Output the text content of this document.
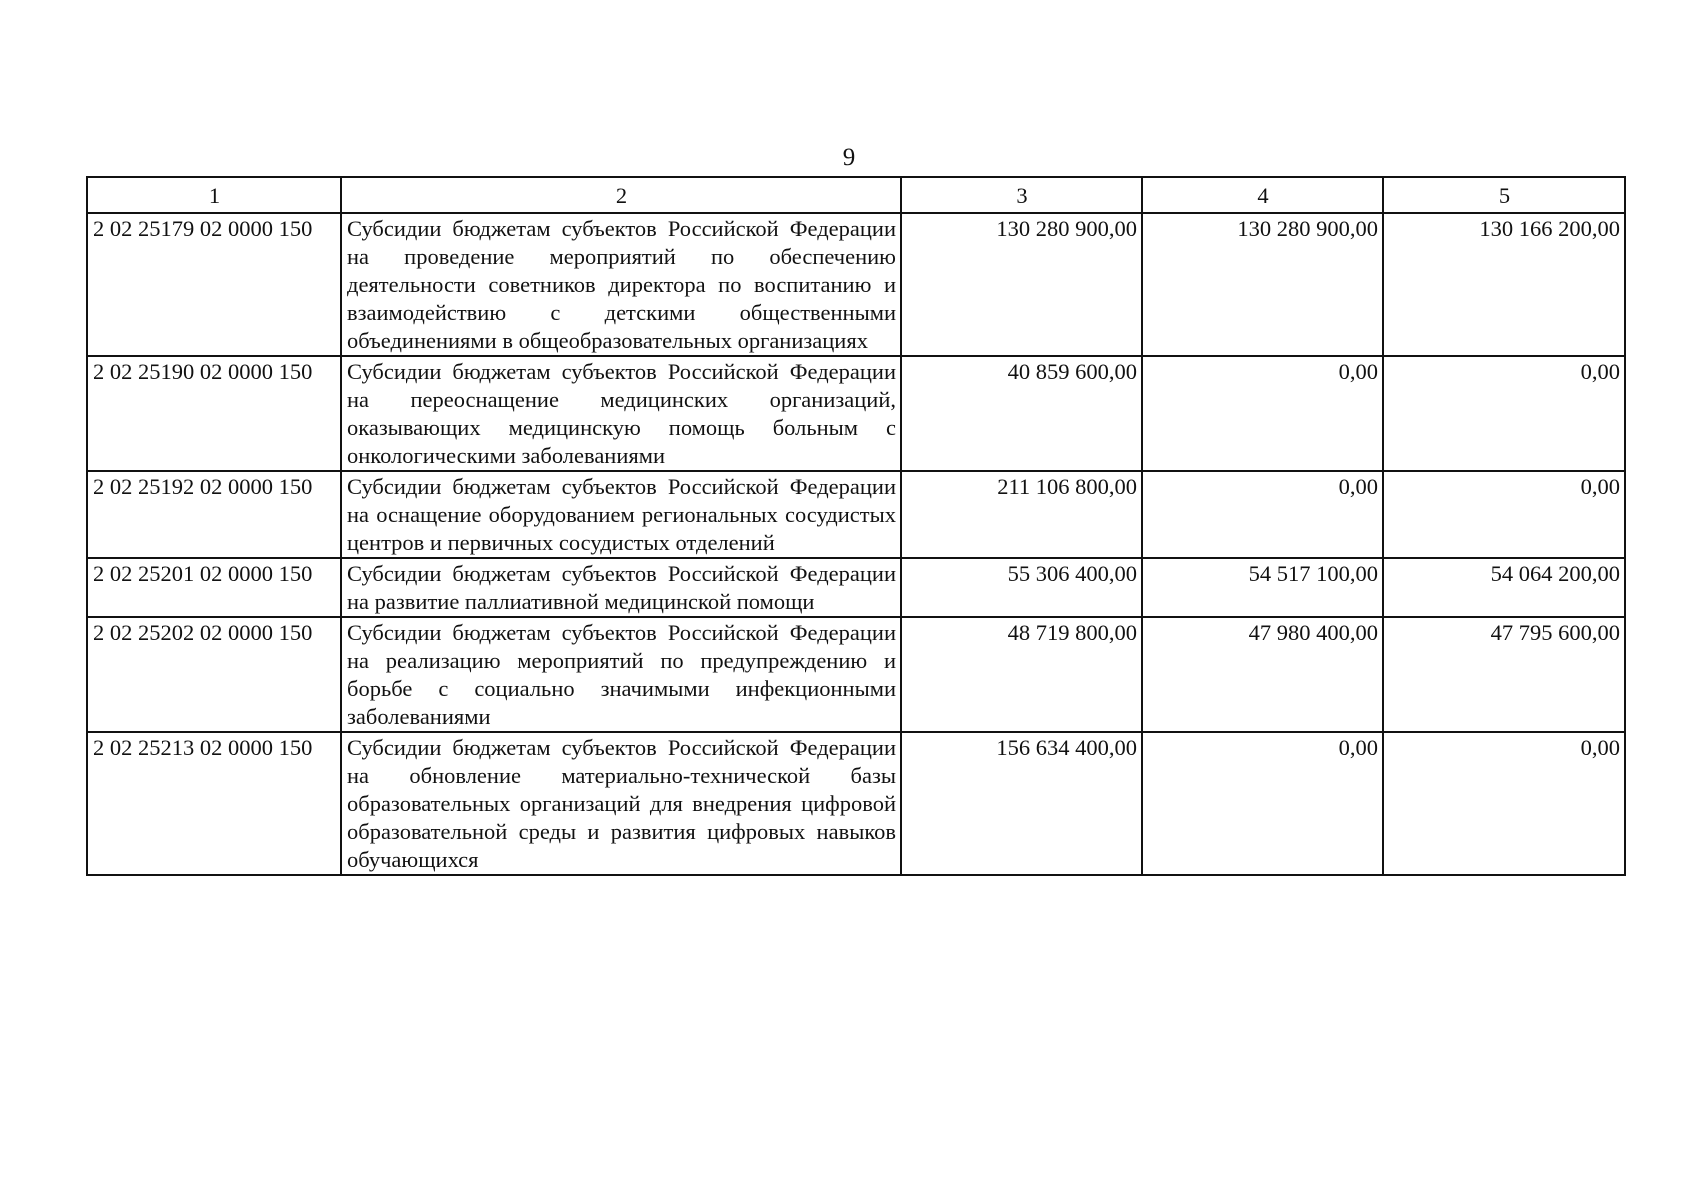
9
1	2	3	4	5
2 02 25179 02 0000 150	Субсидии бюджетам субъектов Российской Федерации на проведение мероприятий по обеспечению деятельности советников директора по воспитанию и взаимодействию с детскими общественными объединениями в общеобразовательных организациях	130 280 900,00	130 280 900,00	130 166 200,00
2 02 25190 02 0000 150	Субсидии бюджетам субъектов Российской Федерации на переоснащение медицинских организаций, оказывающих медицинскую помощь больным с онкологическими заболеваниями	40 859 600,00	0,00	0,00
2 02 25192 02 0000 150	Субсидии бюджетам субъектов Российской Федерации на оснащение оборудованием региональных сосудистых центров и первичных сосудистых отделений	211 106 800,00	0,00	0,00
2 02 25201 02 0000 150	Субсидии бюджетам субъектов Российской Федерации на развитие паллиативной медицинской помощи	55 306 400,00	54 517 100,00	54 064 200,00
2 02 25202 02 0000 150	Субсидии бюджетам субъектов Российской Федерации на реализацию мероприятий по предупреждению и борьбе с социально значимыми инфекционными заболеваниями	48 719 800,00	47 980 400,00	47 795 600,00
2 02 25213 02 0000 150	Субсидии бюджетам субъектов Российской Федерации на обновление материально-технической базы образовательных организаций для внедрения цифровой образовательной среды и развития цифровых навыков обучающихся	156 634 400,00	0,00	0,00
